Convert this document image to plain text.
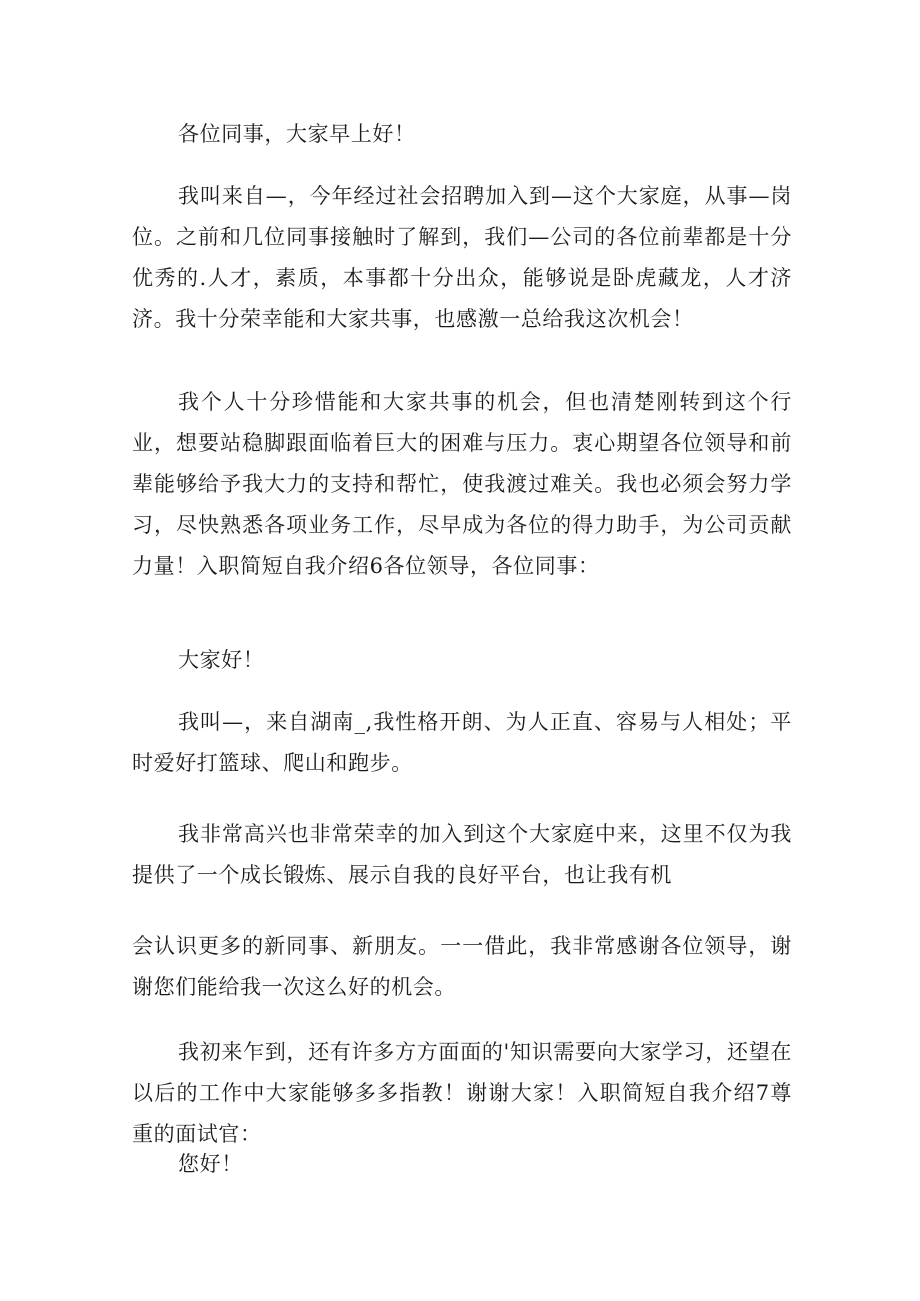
各位同事，大家早上好！

我叫来自—，今年经过社会招聘加入到—这个大家庭，从事—岗位。之前和几位同事接触时了解到，我们—公司的各位前辈都是十分优秀的.人才，素质，本事都十分出众，能够说是卧虎藏龙，人才济济。我十分荣幸能和大家共事，也感激一总给我这次机会！

我个人十分珍惜能和大家共事的机会，但也清楚刚转到这个行业，想要站稳脚跟面临着巨大的困难与压力。衷心期望各位领导和前辈能够给予我大力的支持和帮忙，使我渡过难关。我也必须会努力学习，尽快熟悉各项业务工作，尽早成为各位的得力助手，为公司贡献力量！入职简短自我介绍6各位领导，各位同事：

大家好！

我叫—，来自湖南_,我性格开朗、为人正直、容易与人相处；平时爱好打篮球、爬山和跑步。

我非常高兴也非常荣幸的加入到这个大家庭中来，这里不仅为我提供了一个成长锻炼、展示自我的良好平台，也让我有机

会认识更多的新同事、新朋友。一一借此，我非常感谢各位领导，谢谢您们能给我一次这么好的机会。

我初来乍到，还有许多方方面面的'知识需要向大家学习，还望在以后的工作中大家能够多多指教！谢谢大家！入职简短自我介绍7尊重的面试官：

您好！
